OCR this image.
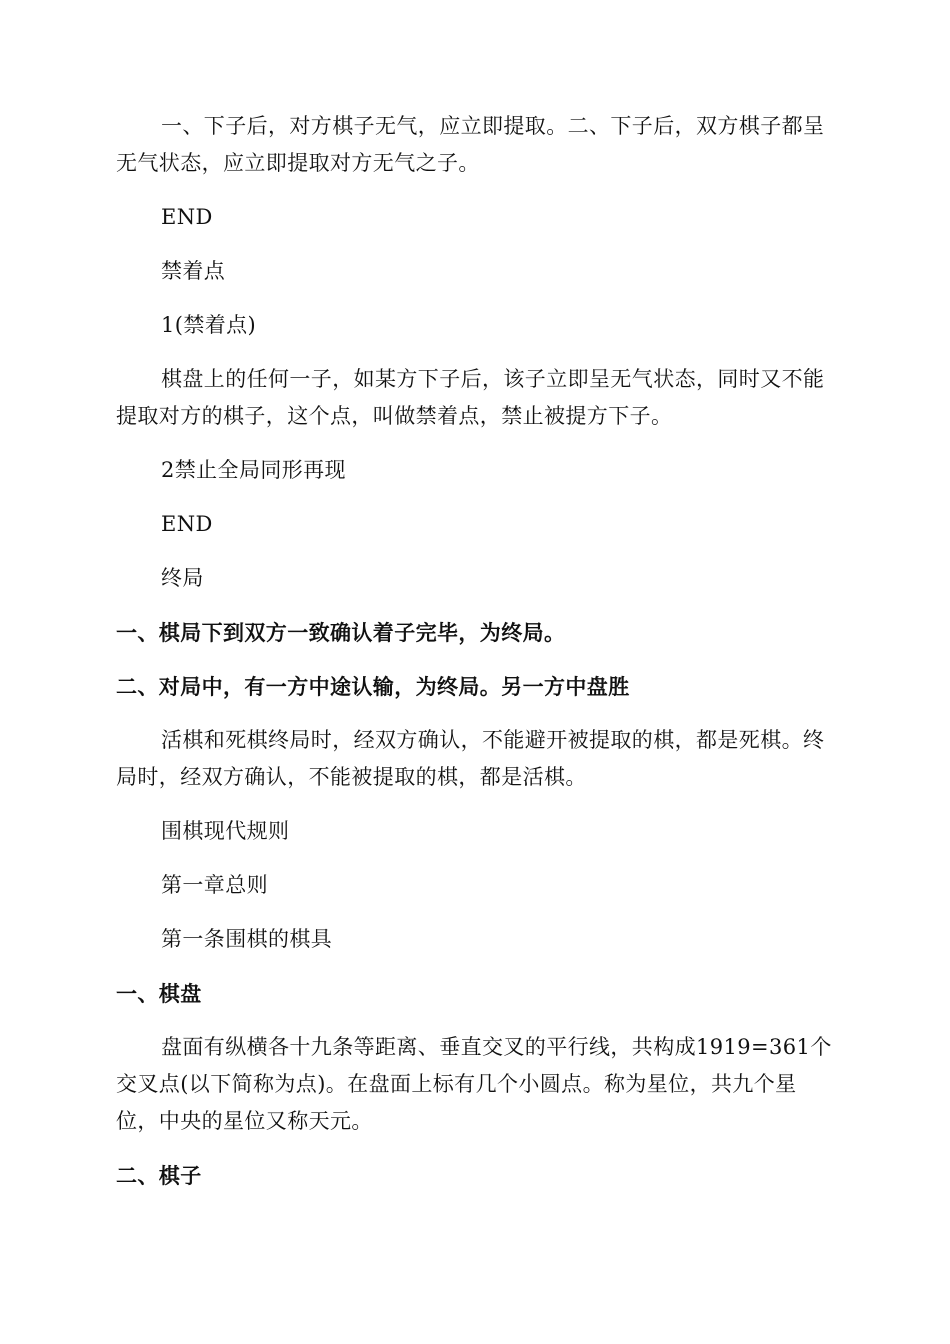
一、下子后，对方棋子无气，应立即提取。二、下子后，双方棋子都呈无气状态，应立即提取对方无气之子。

END

禁着点

1(禁着点)

棋盘上的任何一子，如某方下子后，该子立即呈无气状态，同时又不能提取对方的棋子，这个点，叫做禁着点，禁止被提方下子。

2禁止全局同形再现

END

终局

一、棋局下到双方一致确认着子完毕，为终局。

二、对局中，有一方中途认输，为终局。另一方中盘胜

活棋和死棋终局时，经双方确认，不能避开被提取的棋，都是死棋。终局时，经双方确认，不能被提取的棋，都是活棋。

围棋现代规则

第一章总则

第一条围棋的棋具

一、棋盘

盘面有纵横各十九条等距离、垂直交叉的平行线，共构成1919=361个交叉点(以下简称为点)。在盘面上标有几个小圆点。称为星位，共九个星位，中央的星位又称天元。

二、棋子
